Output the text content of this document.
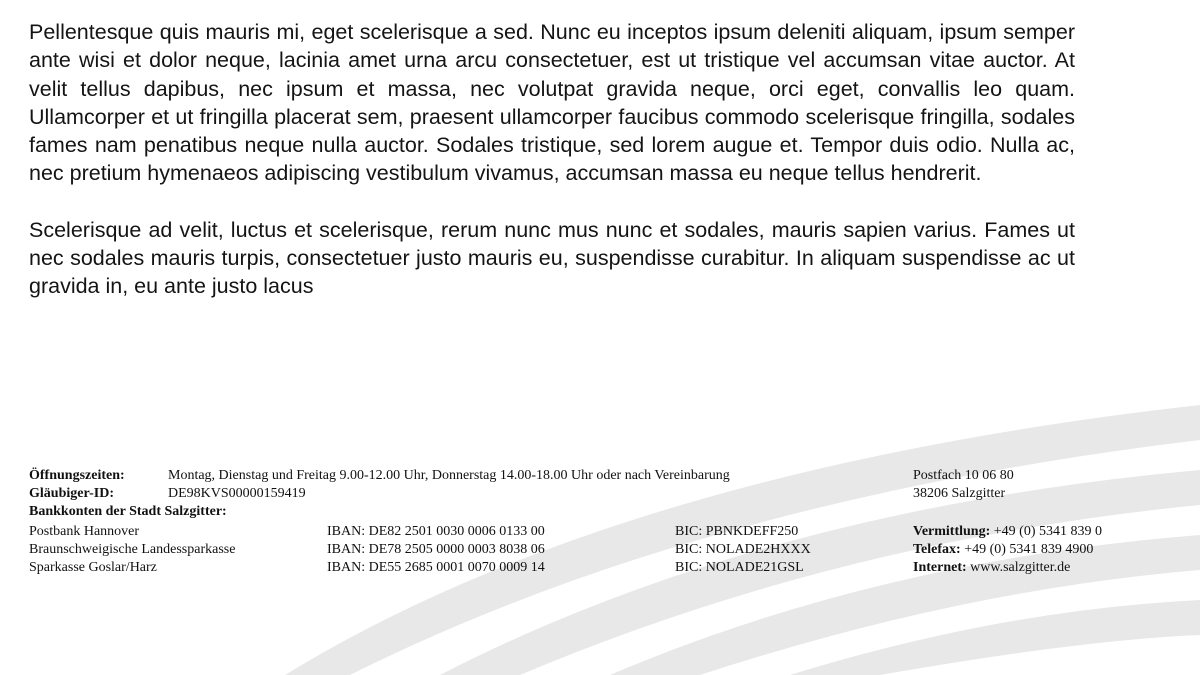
Pellentesque quis mauris mi, eget scelerisque a sed. Nunc eu inceptos ipsum deleniti aliquam, ipsum semper ante wisi et dolor neque, lacinia amet urna arcu consectetuer, est ut tristique vel accumsan vitae auctor. At velit tellus dapibus, nec ipsum et massa, nec volutpat gravida neque, orci eget, convallis leo quam. Ullamcorper et ut fringilla placerat sem, praesent ullamcorper faucibus commodo scelerisque fringilla, sodales fames nam penatibus neque nulla auctor. Sodales tristique, sed lorem augue et. Tempor duis odio. Nulla ac, nec pretium hymenaeos adipiscing vestibulum vivamus, accumsan massa eu neque tellus hendrerit.

Scelerisque ad velit, luctus et scelerisque, rerum nunc mus nunc et sodales, mauris sapien varius. Fames ut nec sodales mauris turpis, consectetuer justo mauris eu, suspendisse curabitur. In aliquam suspendisse ac ut gravida in, eu ante justo lacus

Öffnungszeiten:	Montag, Dienstag und Freitag 9.00-12.00 Uhr, Donnerstag 14.00-18.00 Uhr oder nach Vereinbarung
Gläubiger-ID:	DE98KVS00000159419
Bankkonten der Stadt Salzgitter:
Postbank Hannover	IBAN: DE82 2501 0030 0006 0133 00	BIC: PBNKDEFF250
Braunschweigische Landessparkasse	IBAN: DE78 2505 0000 0003 8038 06	BIC: NOLADE2HXXX
Sparkasse Goslar/Harz	IBAN: DE55 2685 0001 0070 0009 14	BIC: NOLADE21GSL
Postfach 10 06 80
38206 Salzgitter
Vermittlung: +49 (0) 5341 839 0
Telefax: +49 (0) 5341 839 4900
Internet: www.salzgitter.de
